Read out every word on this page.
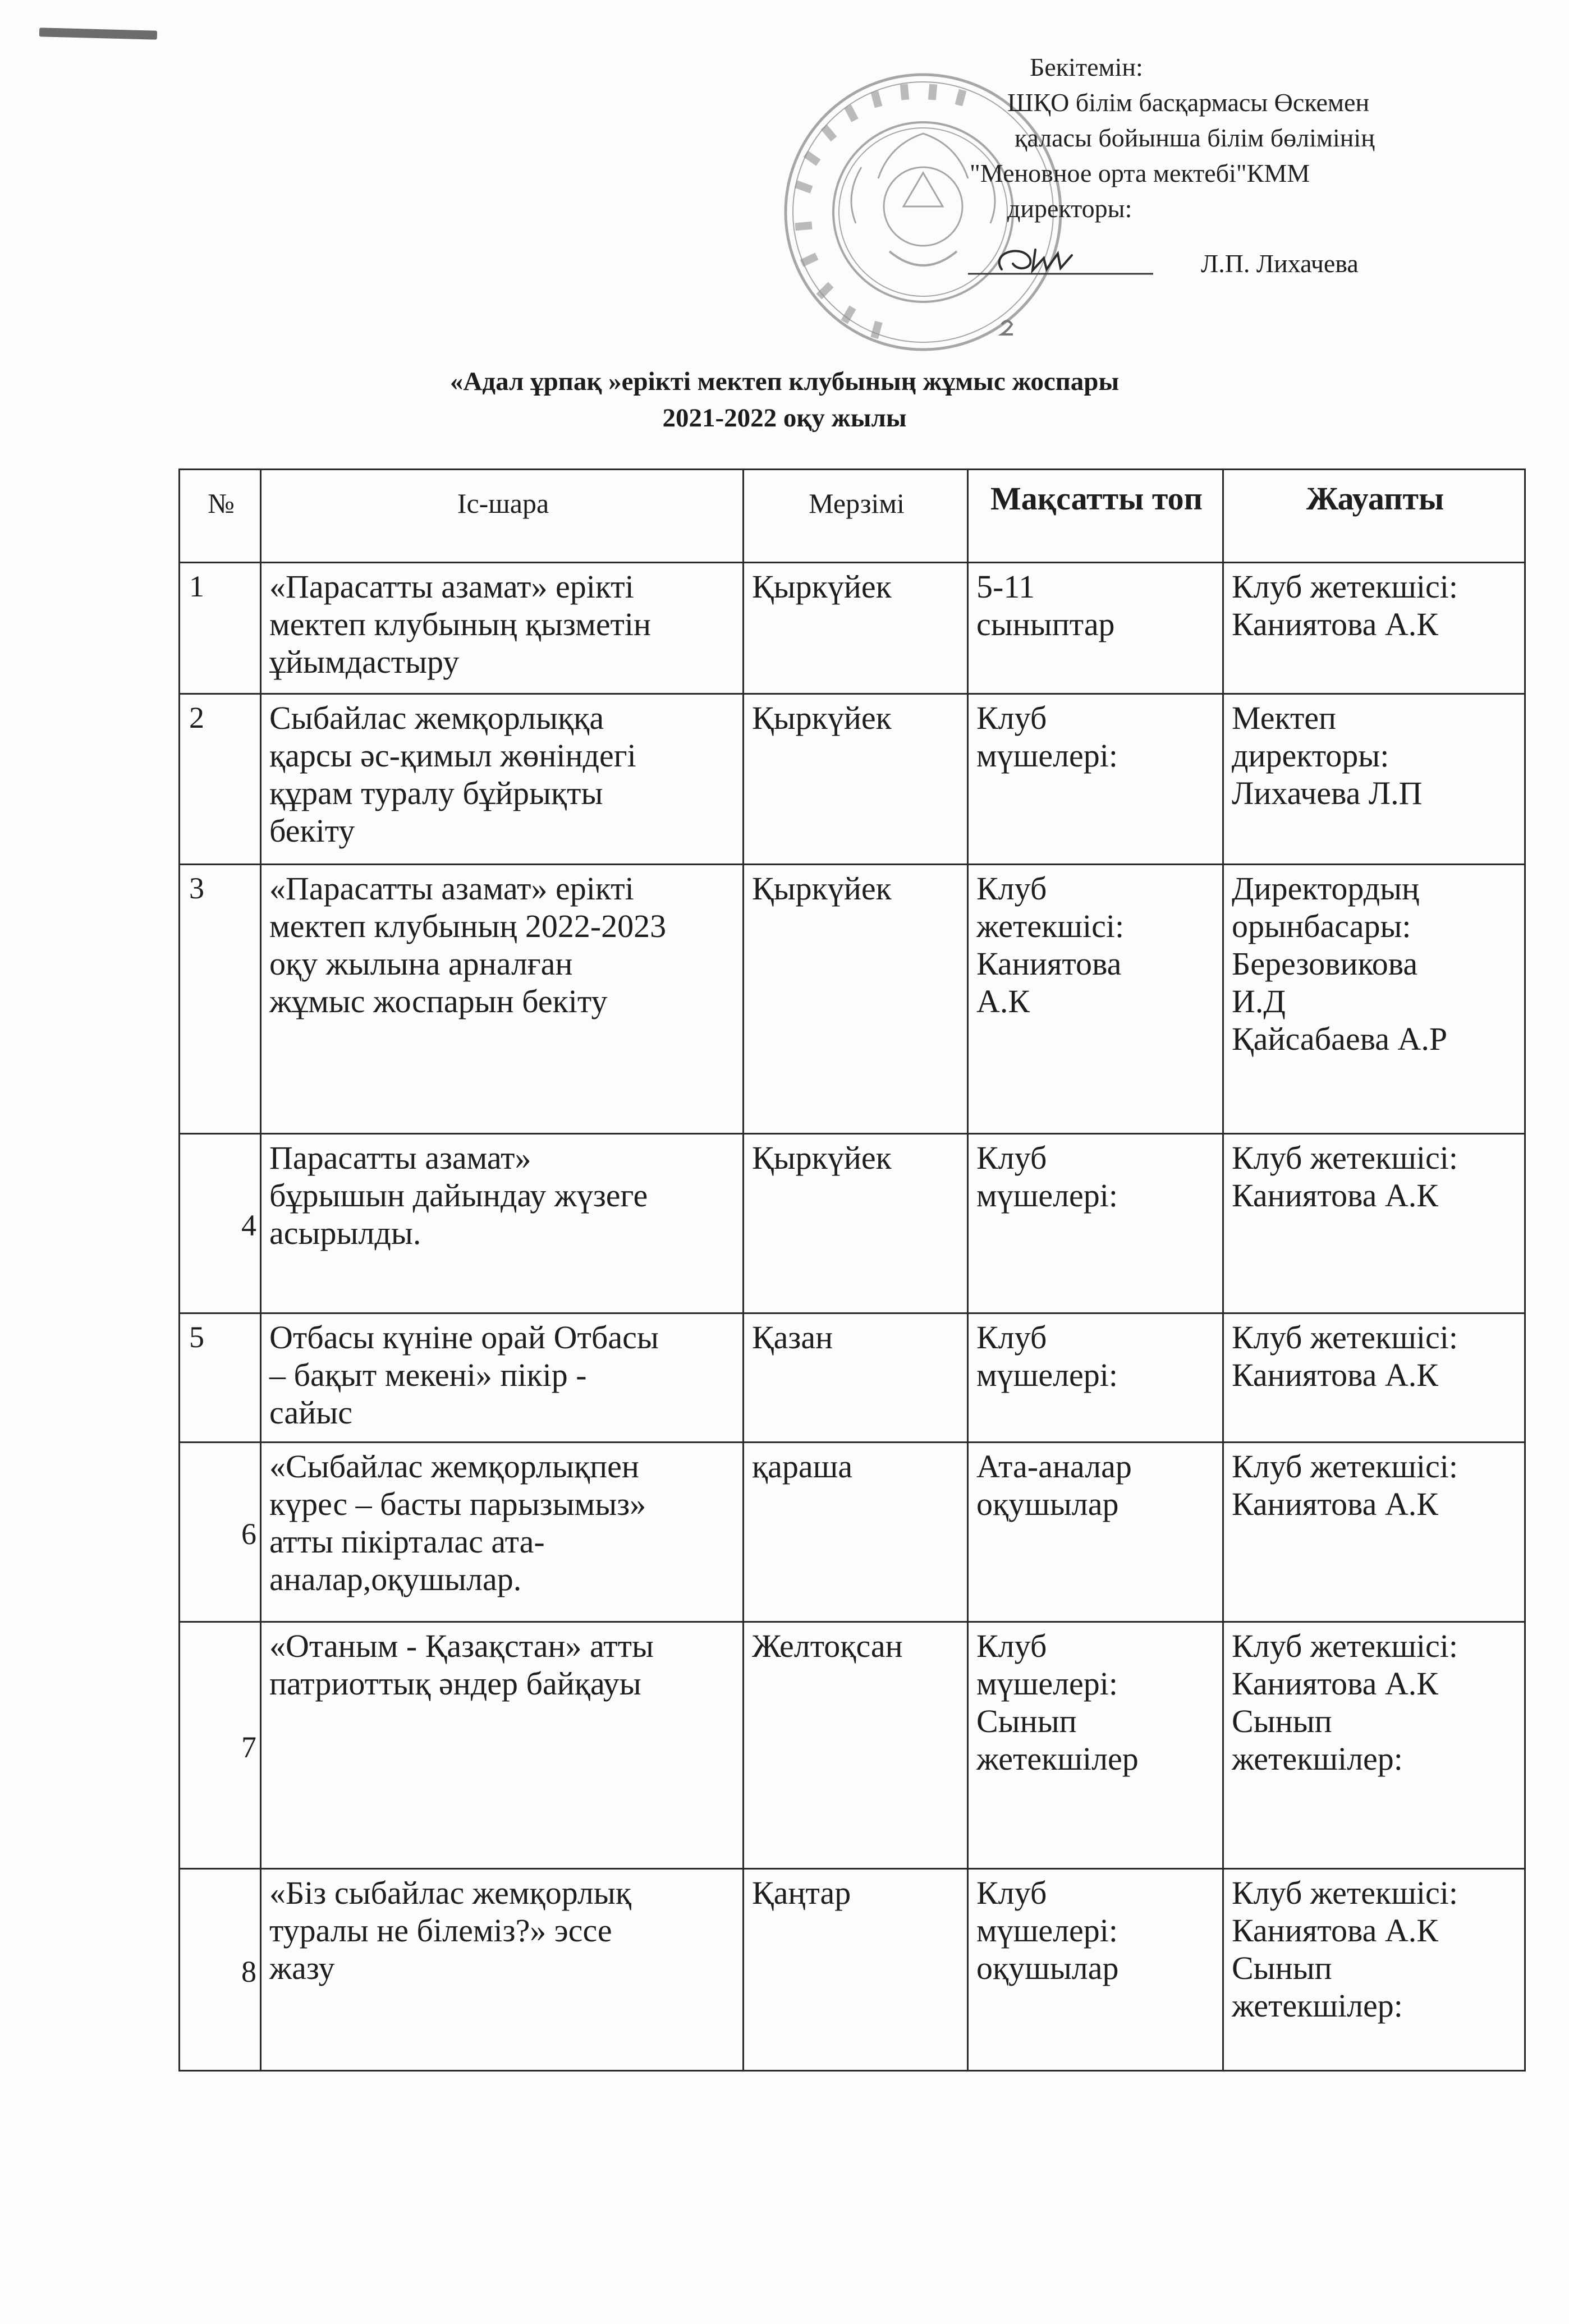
Бекітемін:
ШҚО білім басқармасы Өскемен
қаласы бойынша білім бөлімінің
"Меновное орта мектебі"КММ
директоры:
Л.П. Лихачева
«Адал ұрпақ »ерікті мектеп клубының жұмыс жоспары
2021-2022 оқу жылы
№	Іс-шара	Мерзімі	Мақсатты топ	Жауапты
1	«Парасатты азамат» ерікті
мектеп клубының қызметін
ұйымдастыру	Қыркүйек	5-11
сыныптар	Клуб жетекшісі:
Каниятова А.К

2	Сыбайлас жемқорлыққа
қарсы әс-қимыл жөніндегі
құрам туралу бұйрықты
бекіту	Қыркүйек	Клуб
мүшелері:	Мектеп
директоры:
Лихачева Л.П

3	«Парасатты азамат» ерікті
мектеп клубының 2022-2023
оқу жылына арналған
жұмыс жоспарын бекіту	Қыркүйек	Клуб
жетекшісі:
Каниятова
А.К	Директордың
орынбасары:
Березовикова
И.Д
Қайсабаева А.Р

4	Парасатты азамат»
бұрышын дайындау жүзеге
асырылды.	Қыркүйек	Клуб
мүшелері:	Клуб жетекшісі:
Каниятова А.К

5	Отбасы күніне орай Отбасы
– бақыт мекені» пікір -
сайыс	Қазан	Клуб
мүшелері:	Клуб жетекшісі:
Каниятова А.К

6	«Сыбайлас жемқорлықпен
күрес – басты парызымыз»
атты пікірталас ата-
аналар,оқушылар.	қараша	Ата-аналар
оқушылар	Клуб жетекшісі:
Каниятова А.К

7	«Отаным - Қазақстан» атты
патриоттық әндер байқауы	Желтоқсан	Клуб
мүшелері:
Сынып
жетекшілер	Клуб жетекшісі:
Каниятова А.К
Сынып
жетекшілер:

8	«Біз сыбайлас жемқорлық
туралы не білеміз?» эссе
жазу	Қаңтар	Клуб
мүшелері:
оқушылар	Клуб жетекшісі:
Каниятова А.К
Сынып
жетекшілер:
